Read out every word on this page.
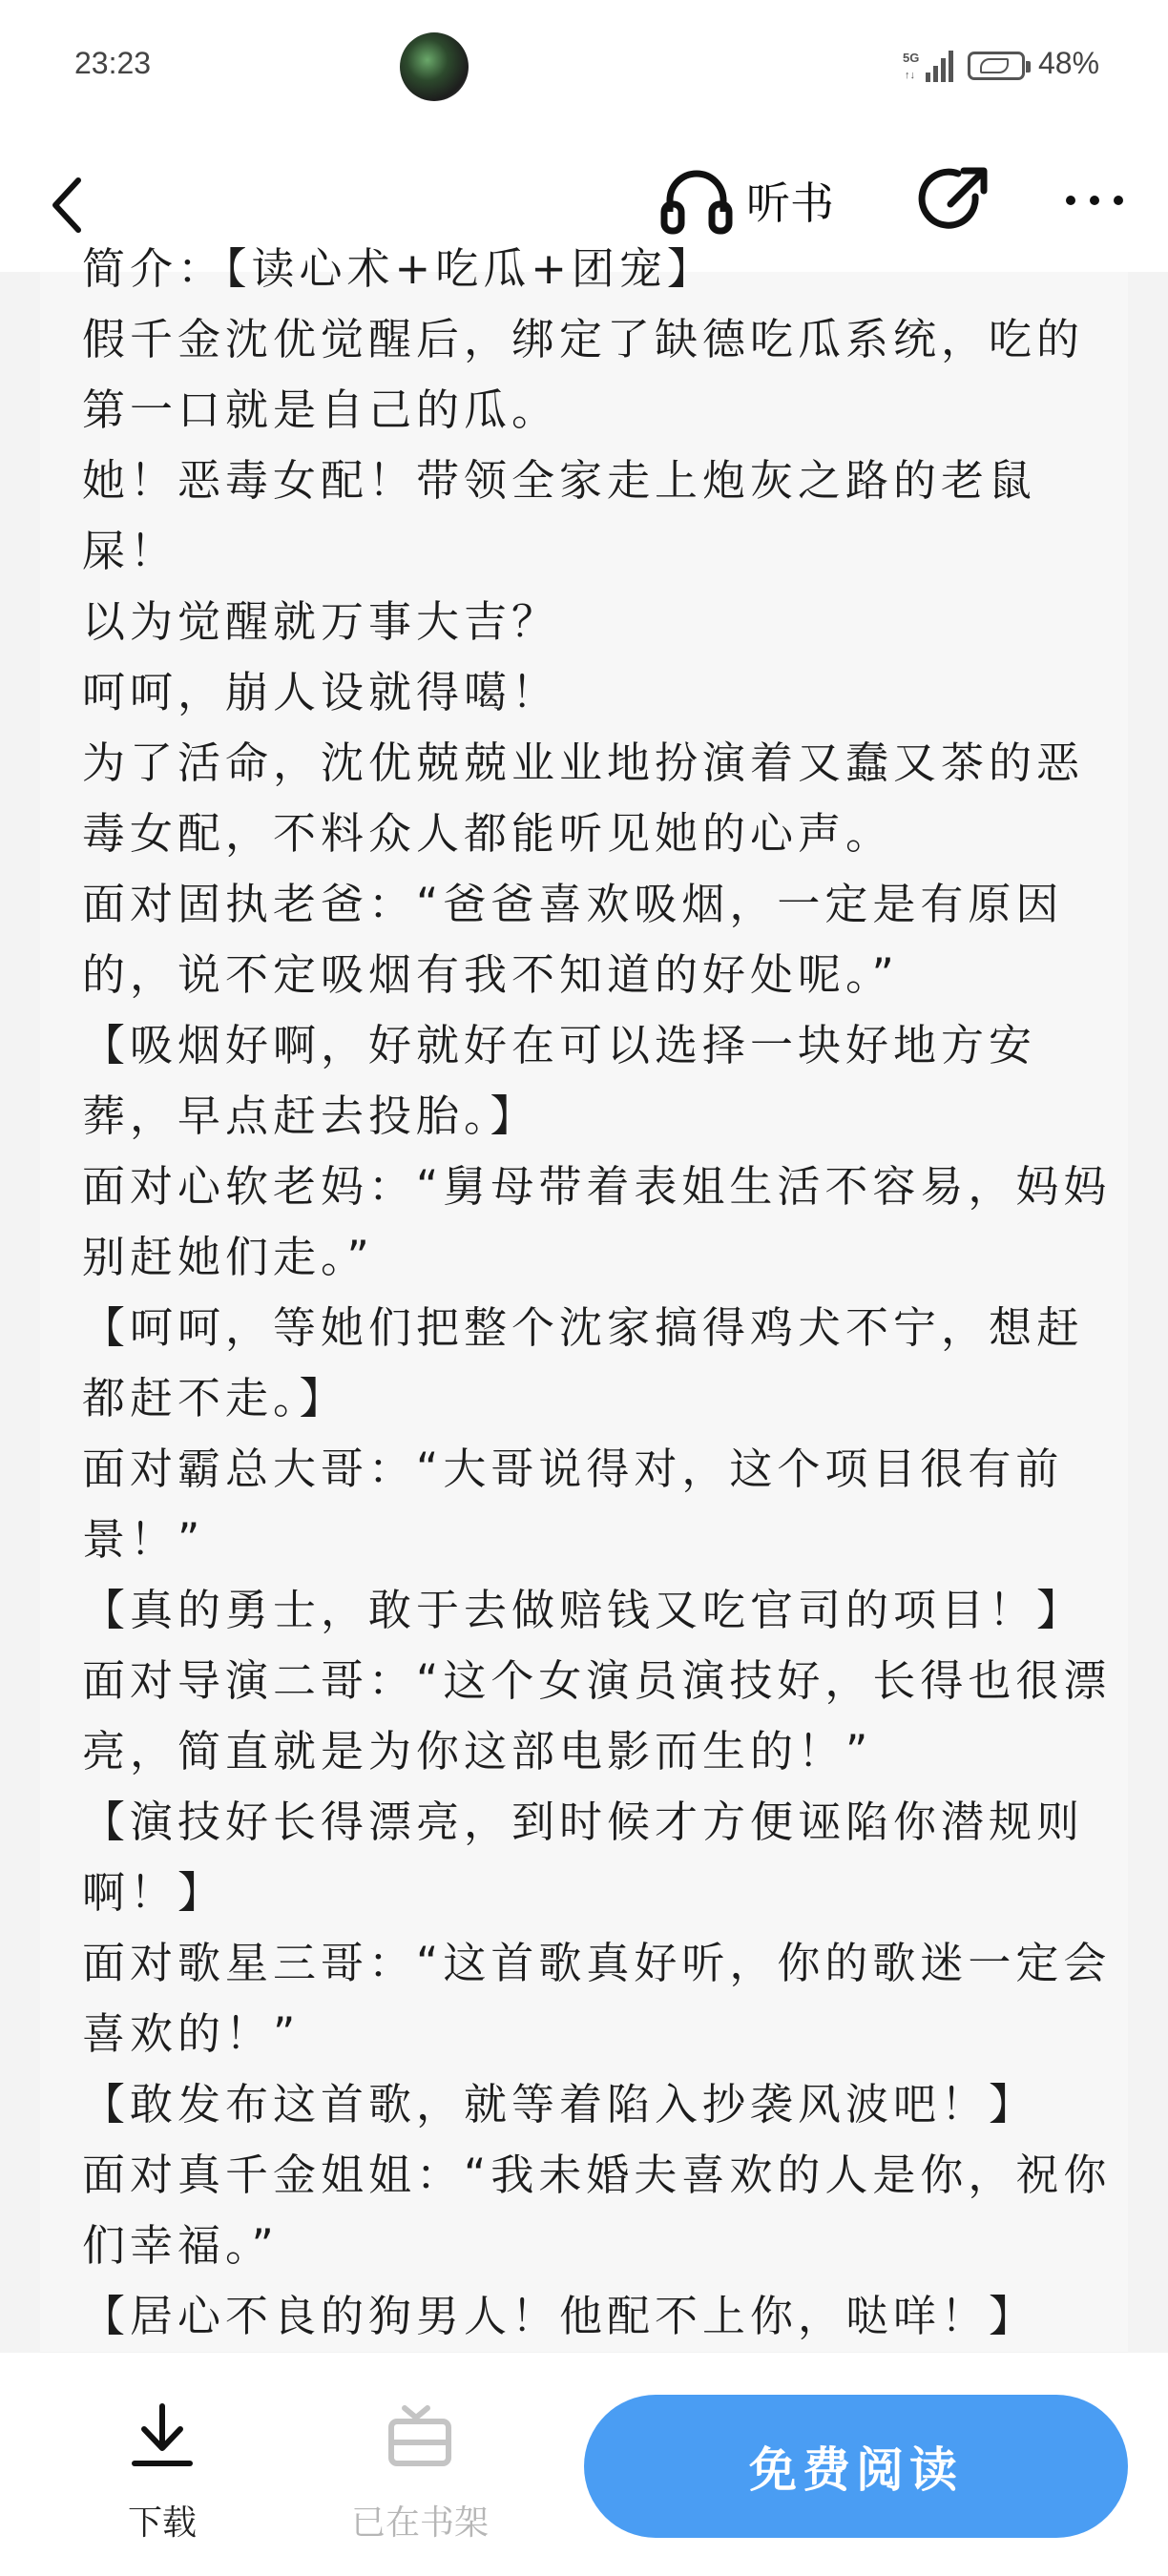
23:23	5G
↑↓	48%
听书

简介：【读心术+吃瓜+团宠】

假千金沈优觉醒后，绑定了缺德吃瓜系统，吃的第一口就是自己的瓜。

她！恶毒女配！带领全家走上炮灰之路的老鼠屎！

以为觉醒就万事大吉？

呵呵，崩人设就得噶！

为了活命，沈优兢兢业业地扮演着又蠢又茶的恶毒女配，不料众人都能听见她的心声。

面对固执老爸：“爸爸喜欢吸烟，一定是有原因的，说不定吸烟有我不知道的好处呢。”

【吸烟好啊，好就好在可以选择一块好地方安葬，早点赶去投胎。】

面对心软老妈：“舅母带着表姐生活不容易，妈妈别赶她们走。”

【呵呵，等她们把整个沈家搞得鸡犬不宁，想赶都赶不走。】

面对霸总大哥：“大哥说得对，这个项目很有前景！”

【真的勇士，敢于去做赔钱又吃官司的项目！】

面对导演二哥：“这个女演员演技好，长得也很漂亮，简直就是为你这部电影而生的！”

【演技好长得漂亮，到时候才方便诬陷你潜规则啊！】

面对歌星三哥：“这首歌真好听，你的歌迷一定会喜欢的！”

【敢发布这首歌，就等着陷入抄袭风波吧！】

面对真千金姐姐：“我未婚夫喜欢的人是你，祝你们幸福。”

【居心不良的狗男人！他配不上你，哒咩！】

下载	已在书架
免费阅读
